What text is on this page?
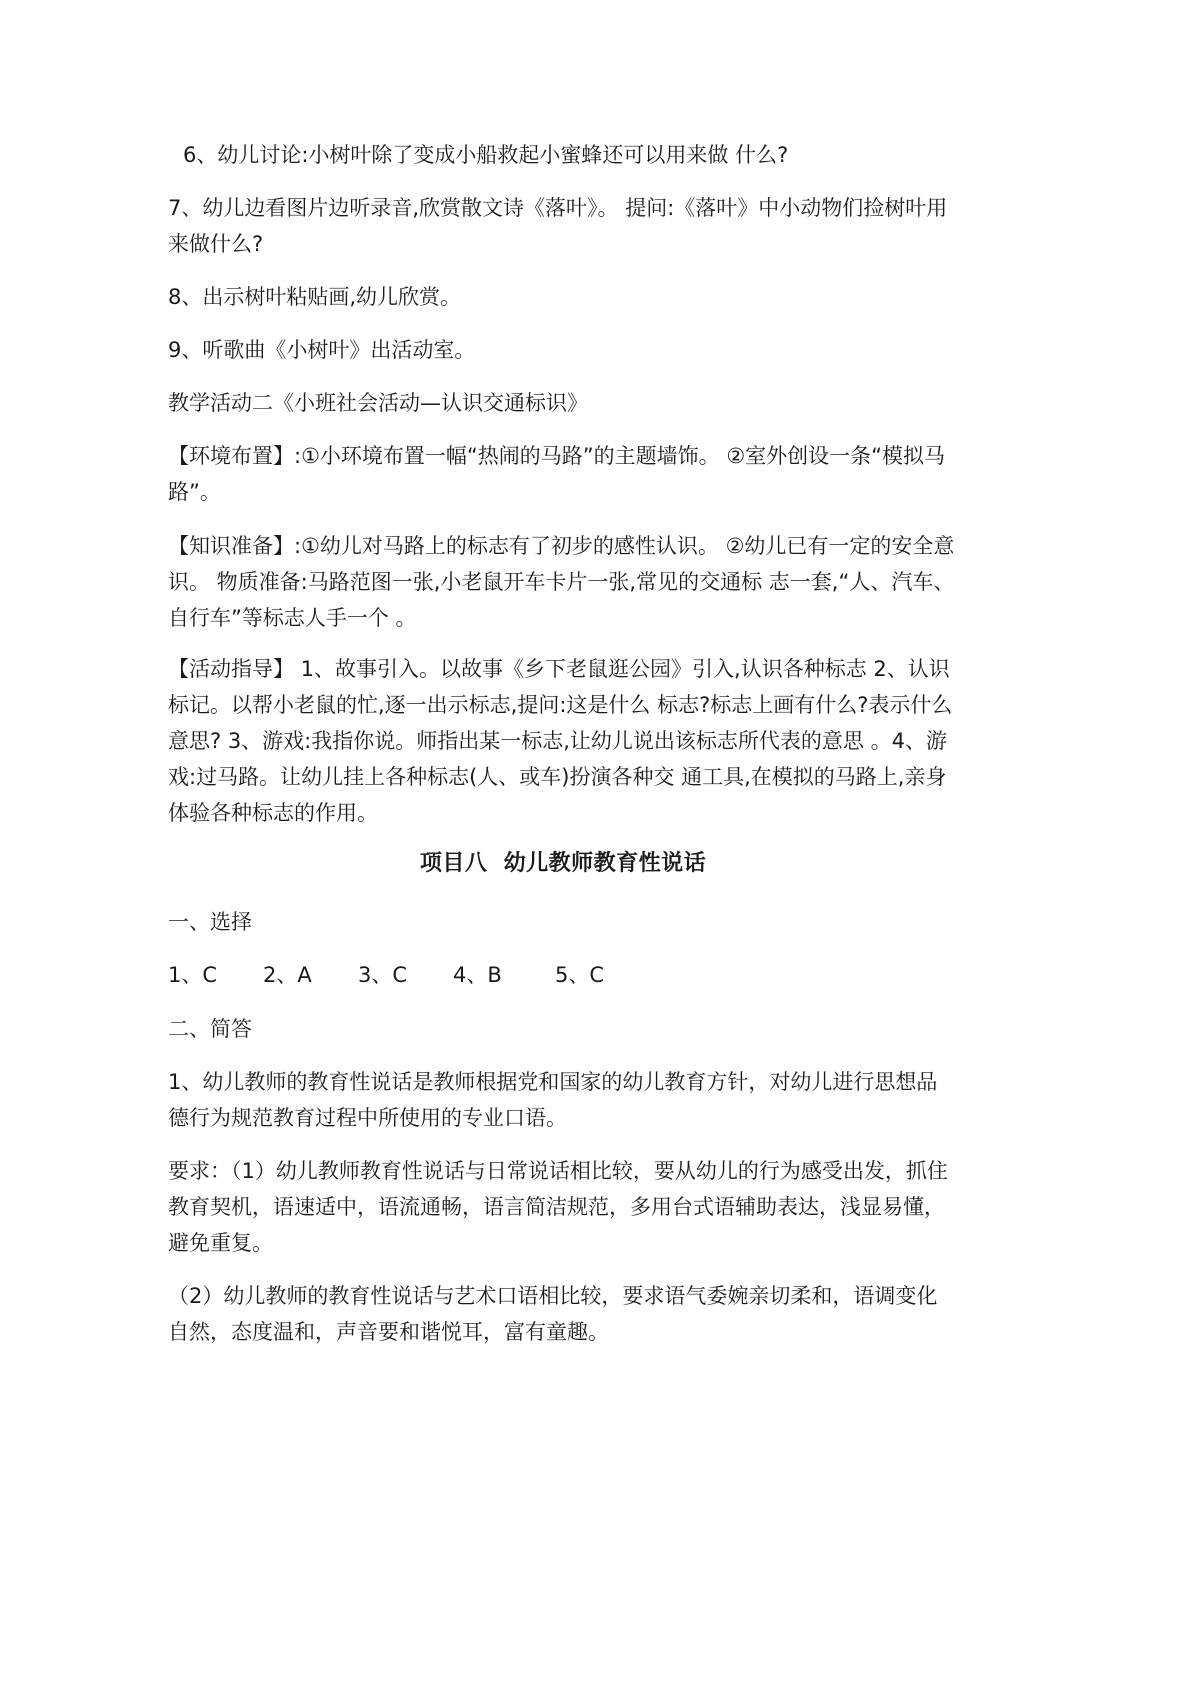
6、幼儿讨论:小树叶除了变成小船救起小蜜蜂还可以用来做 什么?

7、幼儿边看图片边听录音,欣赏散文诗《落叶》。 提问:《落叶》中小动物们捡树叶用来做什么?

8、出示树叶粘贴画,幼儿欣赏。

9、听歌曲《小树叶》出活动室。

教学活动二《小班社会活动—认识交通标识》

【环境布置】:①小环境布置一幅“热闹的马路”的主题墙饰。 ②室外创设一条“模拟马路”。

【知识准备】:①幼儿对马路上的标志有了初步的感性认识。 ②幼儿已有一定的安全意识。 物质准备:马路范图一张,小老鼠开车卡片一张,常见的交通标 志一套,“人、汽车、自行车”等标志人手一个 。

【活动指导】 1、故事引入。以故事《乡下老鼠逛公园》引入,认识各种标志 2、认识标记。以帮小老鼠的忙,逐一出示标志,提问:这是什么 标志?标志上画有什么?表示什么意思? 3、游戏:我指你说。师指出某一标志,让幼儿说出该标志所代表的意思 。4、游戏:过马路。让幼儿挂上各种标志(人、或车)扮演各种交 通工具,在模拟的马路上,亲身体验各种标志的作用。

项目八  幼儿教师教育性说话

一、选择

1、C	2、A	3、C	4、B	5、C

二、简答

1、幼儿教师的教育性说话是教师根据党和国家的幼儿教育方针，对幼儿进行思想品德行为规范教育过程中所使用的专业口语。

要求：（1）幼儿教师教育性说话与日常说话相比较，要从幼儿的行为感受出发，抓住教育契机，语速适中，语流通畅，语言简洁规范，多用台式语辅助表达，浅显易懂，避免重复。

（2）幼儿教师的教育性说话与艺术口语相比较，要求语气委婉亲切柔和，语调变化自然，态度温和，声音要和谐悦耳，富有童趣。
